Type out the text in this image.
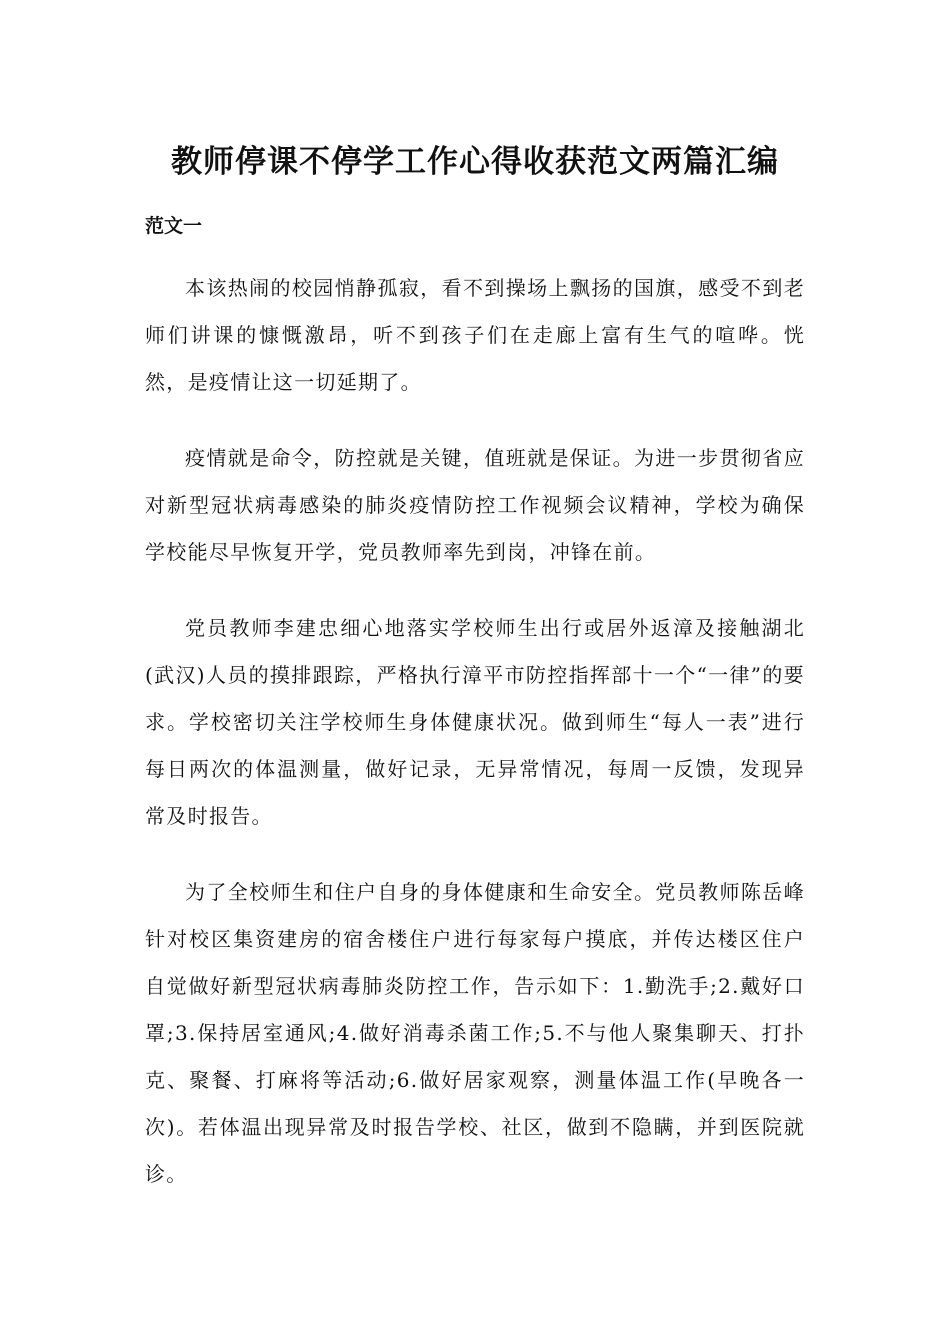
教师停课不停学工作心得收获范文两篇汇编
范文一

本该热闹的校园悄静孤寂，看不到操场上飘扬的国旗，感受不到老师们讲课的慷慨激昂，听不到孩子们在走廊上富有生气的喧哗。恍然，是疫情让这一切延期了。

疫情就是命令，防控就是关键，值班就是保证。为进一步贯彻省应对新型冠状病毒感染的肺炎疫情防控工作视频会议精神，学校为确保学校能尽早恢复开学，党员教师率先到岗，冲锋在前。

党员教师李建忠细心地落实学校师生出行或居外返漳及接触湖北(武汉)人员的摸排跟踪，严格执行漳平市防控指挥部十一个“一律”的要求。学校密切关注学校师生身体健康状况。做到师生“每人一表”进行每日两次的体温测量，做好记录，无异常情况，每周一反馈，发现异常及时报告。

为了全校师生和住户自身的身体健康和生命安全。党员教师陈岳峰针对校区集资建房的宿舍楼住户进行每家每户摸底，并传达楼区住户自觉做好新型冠状病毒肺炎防控工作，告示如下：1.勤洗手;2.戴好口罩;3.保持居室通风;4.做好消毒杀菌工作;5.不与他人聚集聊天、打扑克、聚餐、打麻将等活动;6.做好居家观察，测量体温工作(早晚各一次)。若体温出现异常及时报告学校、社区，做到不隐瞒，并到医院就诊。
